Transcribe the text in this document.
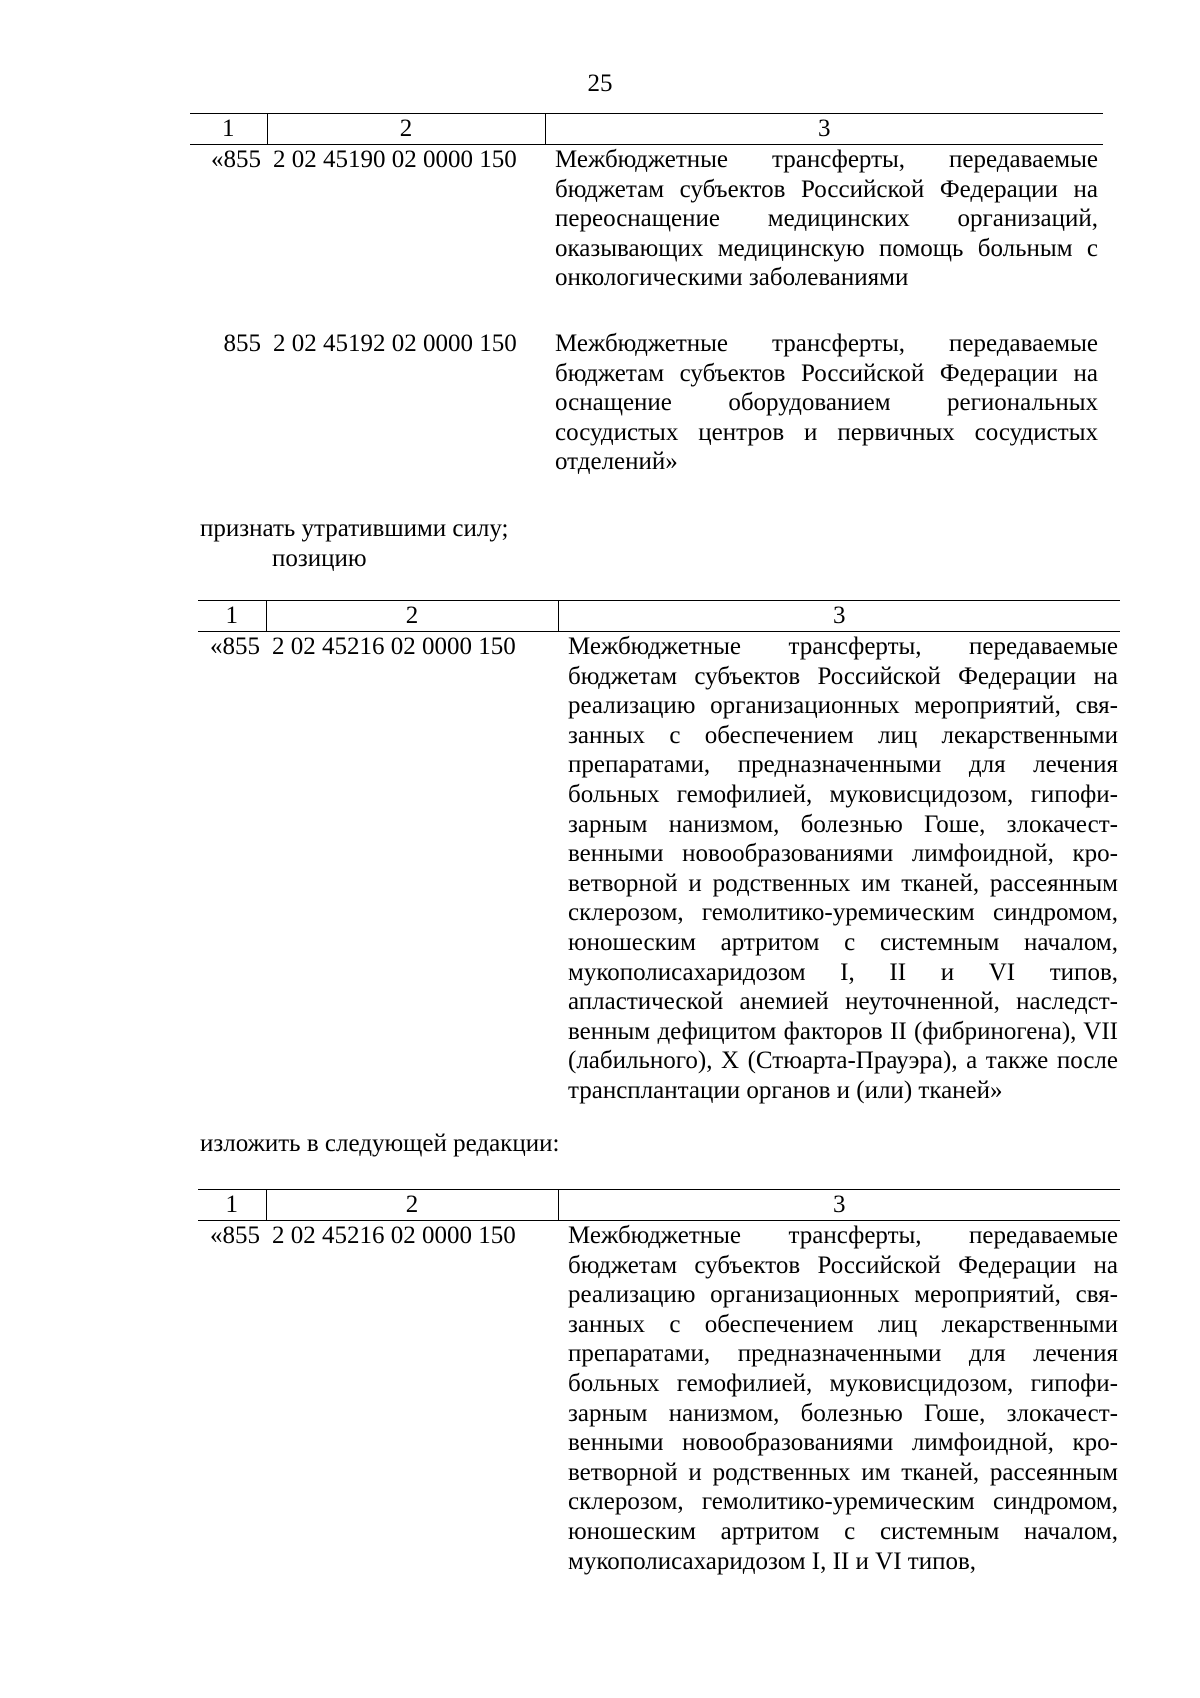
25
1	2	3
«855	2 02 45190 02 0000 150	Межбюджетные трансферты, передаваемые бюджетам субъектов Российской Федерации на переоснащение медицинских организаций, оказывающих медицинскую помощь больным с онкологическими заболеваниями

855	2 02 45192 02 0000 150	Межбюджетные трансферты, передаваемые бюджетам субъектов Российской Федерации на оснащение оборудованием региональных сосудистых центров и первичных сосудистых отделений»
признать утратившими силу;
позицию
1	2	3
«855	2 02 45216 02 0000 150	Межбюджетные трансферты, передаваемые бюджетам субъектов Российской Федерации на реализацию организационных мероприятий, связанных с обеспечением лиц лекарственными препаратами, предназначенными для лечения больных гемофилией, муковисцидозом, гипофизарным нанизмом, болезнью Гоше, злокачественными новообразованиями лимфоидной, кроветворной и родственных им тканей, рассеянным склерозом, гемолитико-уремическим синдромом, юношеским артритом с системным началом, мукополисахаридозом I, II и VI типов, апластической анемией неуточненной, наследственным дефицитом факторов II (фибриногена), VII (лабильного), X (Стюарта-Прауэра), а также после трансплантации органов и (или) тканей»
изложить в следующей редакции:
1	2	3
«855	2 02 45216 02 0000 150	Межбюджетные трансферты, передаваемые бюджетам субъектов Российской Федерации на реализацию организационных мероприятий, связанных с обеспечением лиц лекарственными препаратами, предназначенными для лечения больных гемофилией, муковисцидозом, гипофизарным нанизмом, болезнью Гоше, злокачественными новообразованиями лимфоидной, кроветворной и родственных им тканей, рассеянным склерозом, гемолитико-уремическим синдромом, юношеским артритом с системным началом, мукополисахаридозом I, II и VI типов,
